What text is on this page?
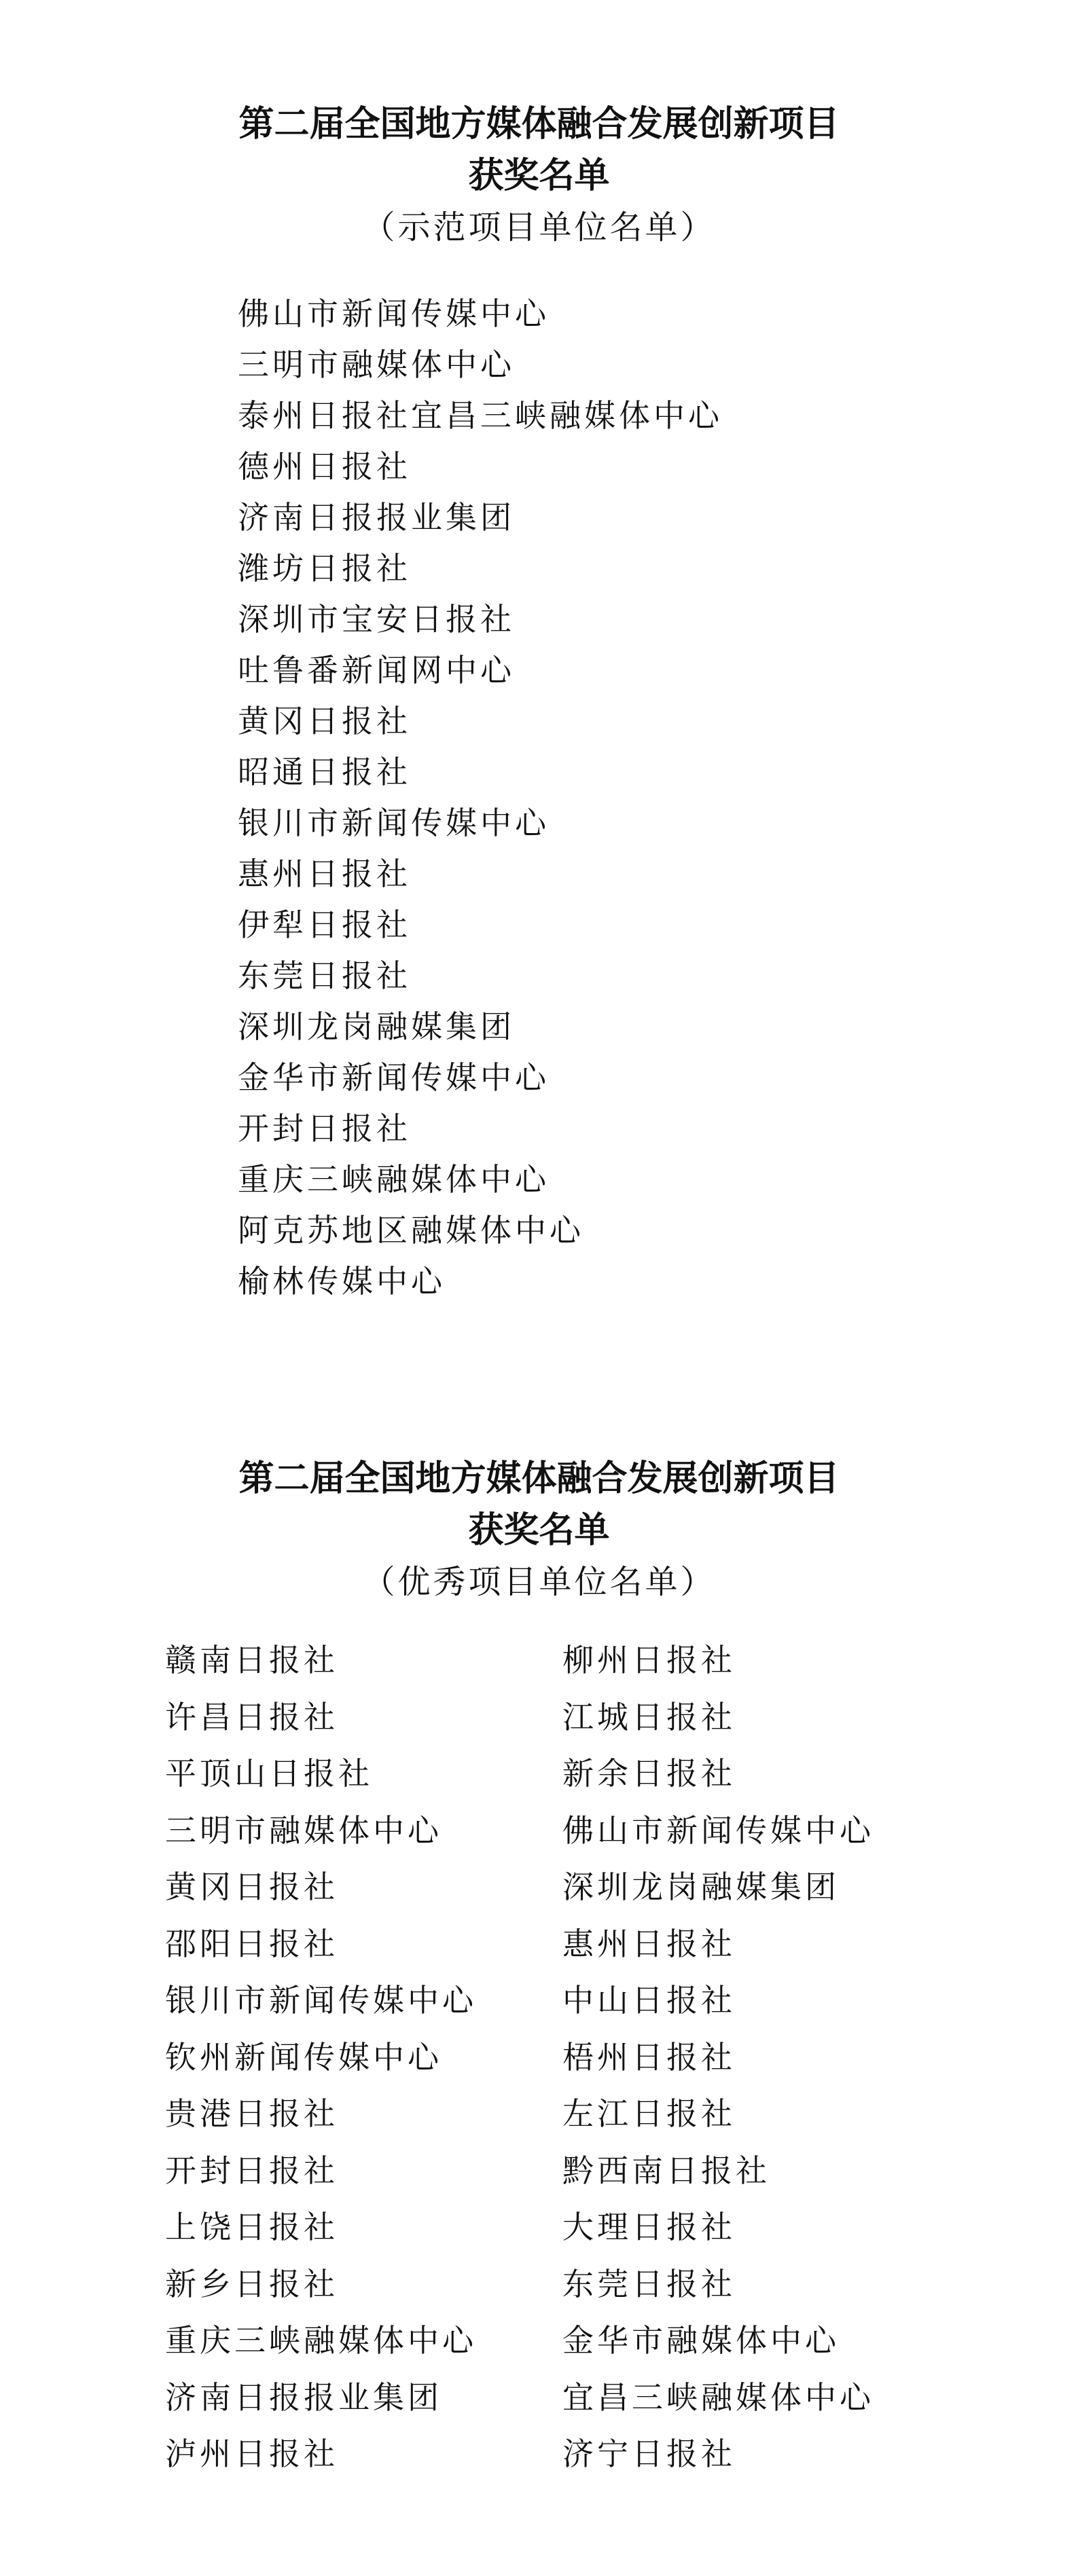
第二届全国地方媒体融合发展创新项目
获奖名单

（示范项目单位名单）

佛山市新闻传媒中心
三明市融媒体中心
泰州日报社宜昌三峡融媒体中心
德州日报社
济南日报报业集团
潍坊日报社
深圳市宝安日报社
吐鲁番新闻网中心
黄冈日报社
昭通日报社
银川市新闻传媒中心
惠州日报社
伊犁日报社
东莞日报社
深圳龙岗融媒集团
金华市新闻传媒中心
开封日报社
重庆三峡融媒体中心
阿克苏地区融媒体中心
榆林传媒中心
第二届全国地方媒体融合发展创新项目
获奖名单

（优秀项目单位名单）

赣南日报社
许昌日报社
平顶山日报社
三明市融媒体中心
黄冈日报社
邵阳日报社
银川市新闻传媒中心
钦州新闻传媒中心
贵港日报社
开封日报社
上饶日报社
新乡日报社
重庆三峡融媒体中心
济南日报报业集团
泸州日报社
柳州日报社
江城日报社
新余日报社
佛山市新闻传媒中心
深圳龙岗融媒集团
惠州日报社
中山日报社
梧州日报社
左江日报社
黔西南日报社
大理日报社
东莞日报社
金华市融媒体中心
宜昌三峡融媒体中心
济宁日报社
